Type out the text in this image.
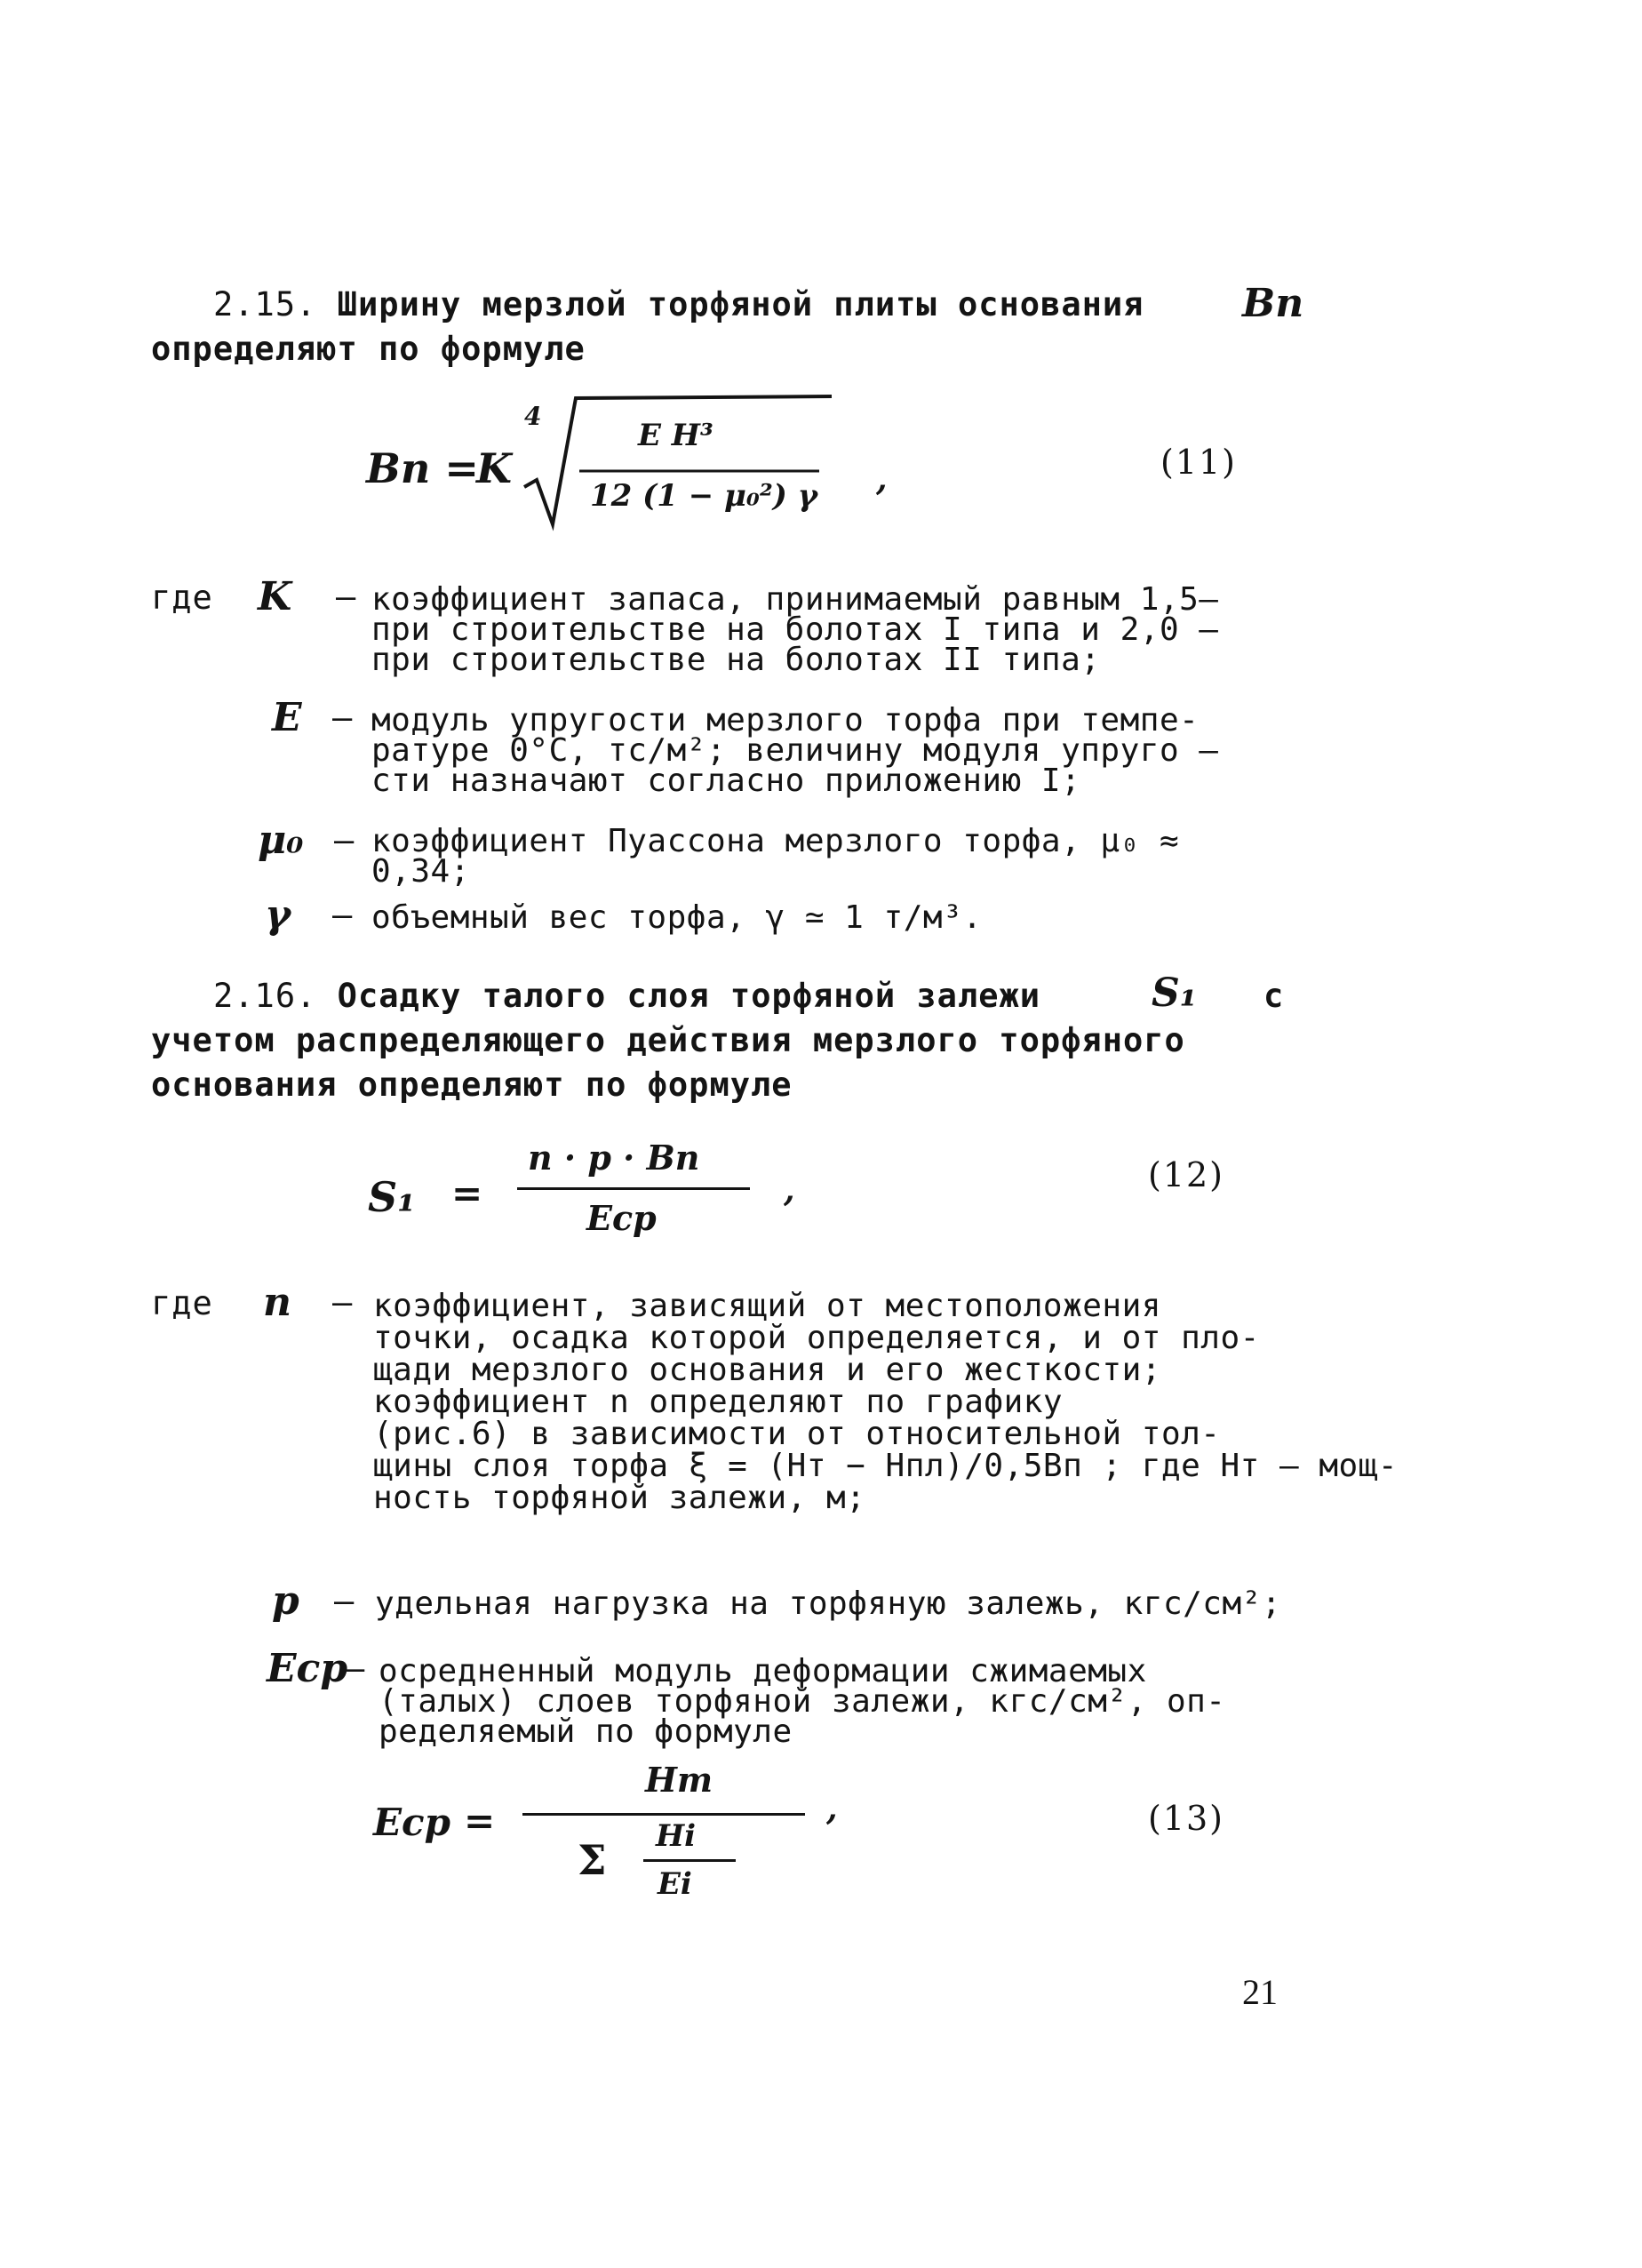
2.15. Ширину мерзлой торфяной плиты основания	Bп
определяют по формуле
Bп =
K
4
E H³
12 (1 − μ₀²) γ ,	(11)
где K – коэффициент запаса, принимаемый равным 1,5–
при строительстве на болотах I типа и 2,0 –
при строительстве на болотах II типа;
E – модуль упругости мерзлого торфа при темпе-
ратуре 0°С, тс/м²; величину модуля упруго –
сти назначают согласно приложению I;
μ₀ – коэффициент Пуассона мерзлого торфа, μ₀ ≈
0,34;
γ – объемный вес торфа, γ ≃ 1 т/м³.
2.16. Осадку талого слоя торфяной залежи	S₁ с
учетом распределяющего действия мерзлого торфяного
основания определяют по формуле
S₁ =
n · p · Bп
Eср
,	(12)
где n – коэффициент, зависящий от местоположения
точки, осадка которой определяется, и от пло-
щади мерзлого основания и его жесткости;
коэффициент n определяют по графику
(рис.6) в зависимости от относительной тол-
щины слоя торфа ξ = (Hт − Hпл)/0,5Bп ; где Hт – мощ-
ность торфяной залежи, м;
p – удельная нагрузка на торфяную залежь, кгс/см²;
Eср
– осредненный модуль деформации сжимаемых
(талых) слоев торфяной залежи, кгс/см², оп-
ределяемый по формуле
Eср =
Hт
Σ Hi
Ei
,	(13)
21
